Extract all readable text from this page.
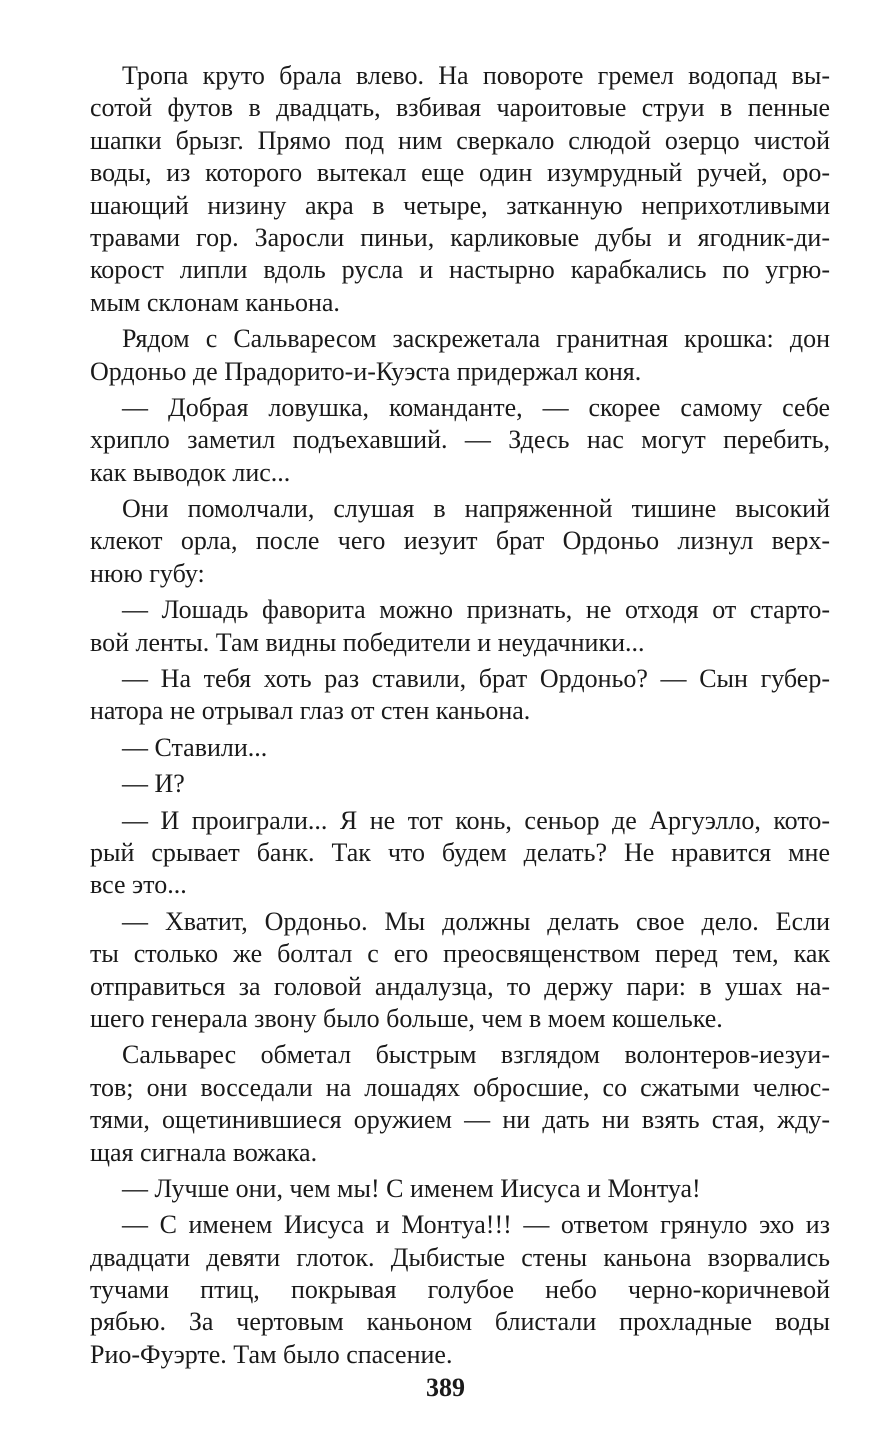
Тропа круто брала влево. На повороте гремел водопад вы-
сотой футов в двадцать, взбивая чароитовые струи в пенные
шапки брызг. Прямо под ним сверкало слюдой озерцо чистой
воды, из которого вытекал еще один изумрудный ручей, оро-
шающий низину акра в четыре, затканную неприхотливыми
травами гор. Заросли пиньи, карликовые дубы и ягодник-ди-
корост липли вдоль русла и настырно карабкались по угрю-
мым склонам каньона.
Рядом с Сальваресом заскрежетала гранитная крошка: дон
Ордоньо де Прадорито-и-Куэста придержал коня.
— Добрая ловушка, команданте, — скорее самому себе
хрипло заметил подъехавший. — Здесь нас могут перебить,
как выводок лис...
Они помолчали, слушая в напряженной тишине высокий
клекот орла, после чего иезуит брат Ордоньо лизнул верх-
нюю губу:
— Лошадь фаворита можно признать, не отходя от старто-
вой ленты. Там видны победители и неудачники...
— На тебя хоть раз ставили, брат Ордоньо? — Сын губер-
натора не отрывал глаз от стен каньона.
— Ставили...
— И?
— И проиграли... Я не тот конь, сеньор де Аргуэлло, кото-
рый срывает банк. Так что будем делать? Не нравится мне
все это...
— Хватит, Ордоньо. Мы должны делать свое дело. Если
ты столько же болтал с его преосвященством перед тем, как
отправиться за головой андалузца, то держу пари: в ушах на-
шего генерала звону было больше, чем в моем кошельке.
Сальварес обметал быстрым взглядом волонтеров-иезуи-
тов; они восседали на лошадях обросшие, со сжатыми челюс-
тями, ощетинившиеся оружием — ни дать ни взять стая, жду-
щая сигнала вожака.
— Лучше они, чем мы! С именем Иисуса и Монтуа!
— С именем Иисуса и Монтуа!!! — ответом грянуло эхо из
двадцати девяти глоток. Дыбистые стены каньона взорвались
тучами птиц, покрывая голубое небо черно-коричневой
рябью. За чертовым каньоном блистали прохладные воды
Рио-Фуэрте. Там было спасение.
389
